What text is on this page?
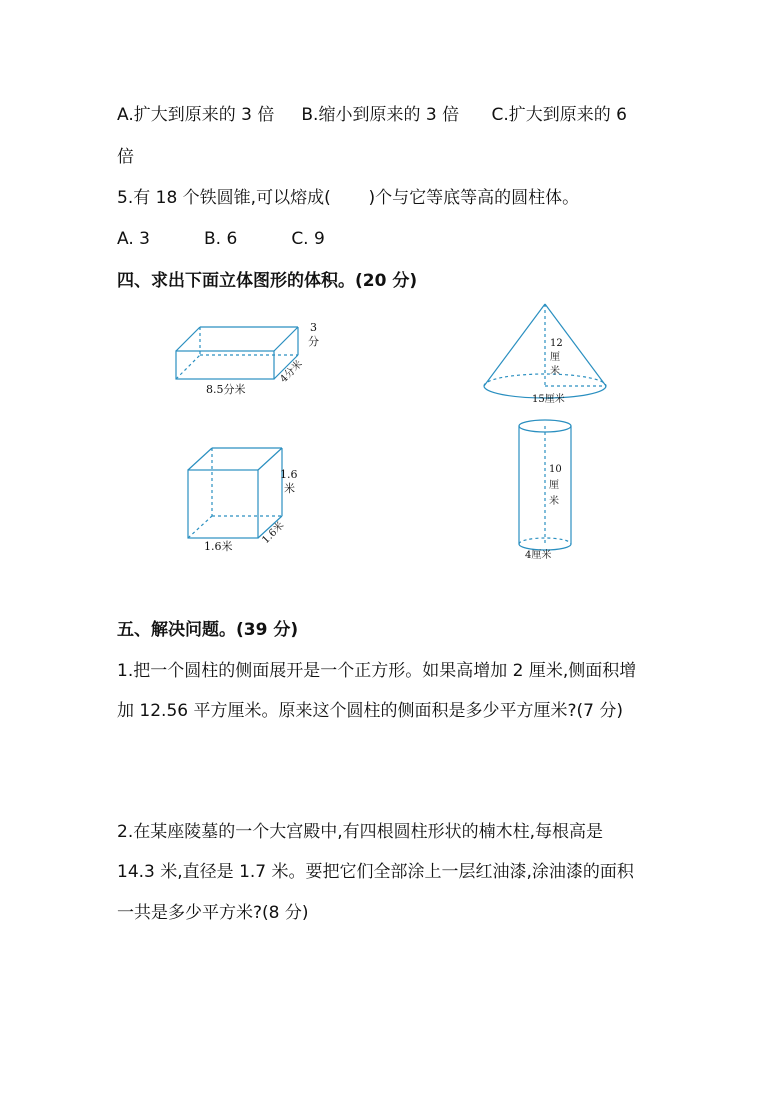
A.扩大到原来的 3 倍     B.缩小到原来的 3 倍      C.扩大到原来的 6
倍
5.有 18 个铁圆锥,可以熔成(       )个与它等底等高的圆柱体。
A. 3          B. 6          C. 9
四、求出下面立体图形的体积。(20 分)
8.5分米
3
分
4分米
12
厘
米
15厘米
1.6
米
1.6米
1.6米
10
厘
米
4厘米
五、解决问题。(39 分)
1.把一个圆柱的侧面展开是一个正方形。如果高增加 2 厘米,侧面积增
加 12.56 平方厘米。原来这个圆柱的侧面积是多少平方厘米?(7 分)
2.在某座陵墓的一个大宫殿中,有四根圆柱形状的楠木柱,每根高是
14.3 米,直径是 1.7 米。要把它们全部涂上一层红油漆,涂油漆的面积
一共是多少平方米?(8 分)
